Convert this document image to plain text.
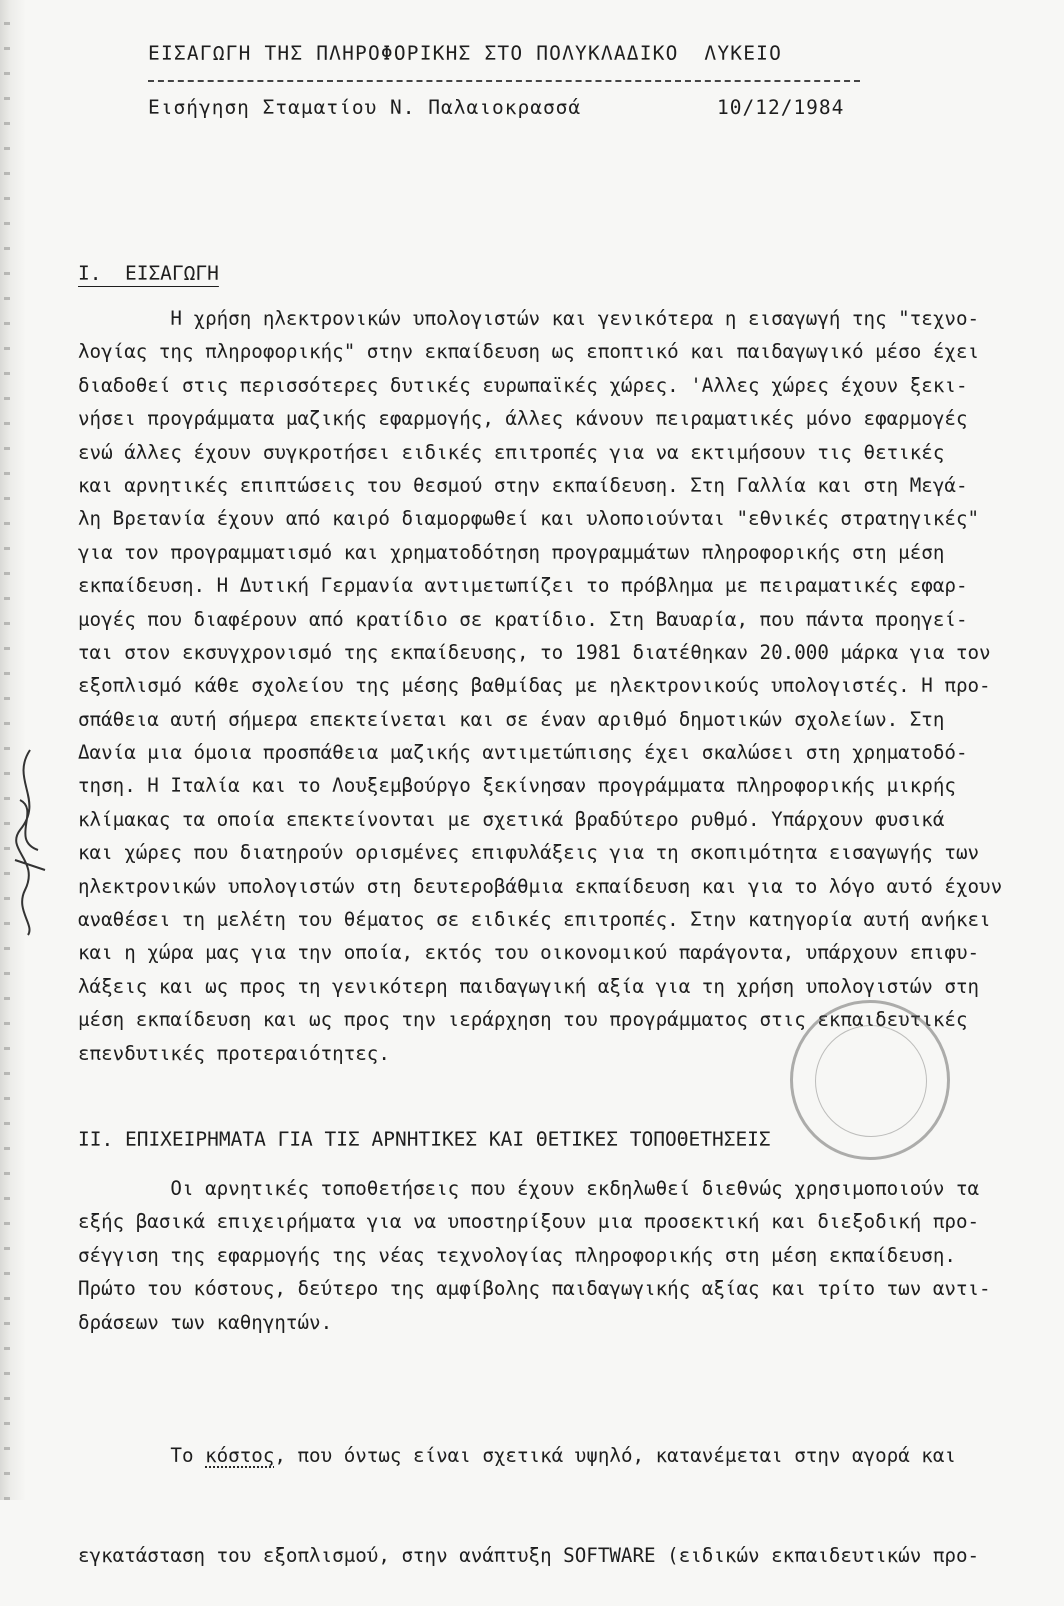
ΕΙΣΑΓΩΓΗ ΤΗΣ ΠΛΗΡΟΦΟΡΙΚΗΣ ΣΤΟ ΠΟΛΥΚΛΑΔΙΚΟ  ΛΥΚΕΙΟ
Εισήγηση Σταματίου Ν. Παλαιοκρασσά	10/12/1984
Ι.  ΕΙΣΑΓΩΓΗ
Η χρήση ηλεκτρονικών υπολογιστών και γενικότερα η εισαγωγή της "τεχνο-
λογίας της πληροφορικής" στην εκπαίδευση ως εποπτικό και παιδαγωγικό μέσο έχει
διαδοθεί στις περισσότερες δυτικές ευρωπαϊκές χώρες. 'Αλλες χώρες έχουν ξεκι-
νήσει προγράμματα μαζικής εφαρμογής, άλλες κάνουν πειραματικές μόνο εφαρμογές
ενώ άλλες έχουν συγκροτήσει ειδικές επιτροπές για να εκτιμήσουν τις θετικές
και αρνητικές επιπτώσεις του θεσμού στην εκπαίδευση. Στη Γαλλία και στη Μεγά-
λη Βρετανία έχουν από καιρό διαμορφωθεί και υλοποιούνται "εθνικές στρατηγικές"
για τον προγραμματισμό και χρηματοδότηση προγραμμάτων πληροφορικής στη μέση
εκπαίδευση. Η Δυτική Γερμανία αντιμετωπίζει το πρόβλημα με πειραματικές εφαρ-
μογές που διαφέρουν από κρατίδιο σε κρατίδιο. Στη Βαυαρία, που πάντα προηγεί-
ται στον εκσυγχρονισμό της εκπαίδευσης, το 1981 διατέθηκαν 20.000 μάρκα για τον
εξοπλισμό κάθε σχολείου της μέσης βαθμίδας με ηλεκτρονικούς υπολογιστές. Η προ-
σπάθεια αυτή σήμερα επεκτείνεται και σε έναν αριθμό δημοτικών σχολείων. Στη
Δανία μια όμοια προσπάθεια μαζικής αντιμετώπισης έχει σκαλώσει στη χρηματοδό-
τηση. Η Ιταλία και το Λουξεμβούργο ξεκίνησαν προγράμματα πληροφορικής μικρής
κλίμακας τα οποία επεκτείνονται με σχετικά βραδύτερο ρυθμό. Υπάρχουν φυσικά
και χώρες που διατηρούν ορισμένες επιφυλάξεις για τη σκοπιμότητα εισαγωγής των
ηλεκτρονικών υπολογιστών στη δευτεροβάθμια εκπαίδευση και για το λόγο αυτό έχουν
αναθέσει τη μελέτη του θέματος σε ειδικές επιτροπές. Στην κατηγορία αυτή ανήκει
και η χώρα μας για την οποία, εκτός του οικονομικού παράγοντα, υπάρχουν επιφυ-
λάξεις και ως προς τη γενικότερη παιδαγωγική αξία για τη χρήση υπολογιστών στη
μέση εκπαίδευση και ως προς την ιεράρχηση του προγράμματος στις εκπαιδευτικές
επενδυτικές προτεραιότητες.
ΙΙ. ΕΠΙΧΕΙΡΗΜΑΤΑ ΓΙΑ ΤΙΣ ΑΡΝΗΤΙΚΕΣ ΚΑΙ ΘΕΤΙΚΕΣ ΤΟΠΟΘΕΤΗΣΕΙΣ
Οι αρνητικές τοποθετήσεις που έχουν εκδηλωθεί διεθνώς χρησιμοποιούν τα
εξής βασικά επιχειρήματα για να υποστηρίξουν μια προσεκτική και διεξοδική προ-
σέγγιση της εφαρμογής της νέας τεχνολογίας πληροφορικής στη μέση εκπαίδευση.
Πρώτο του κόστους, δεύτερο της αμφίβολης παιδαγωγικής αξίας και τρίτο των αντι-
δράσεων των καθηγητών.

Το κόστος, που όντως είναι σχετικά υψηλό, κατανέμεται στην αγορά και

εγκατάσταση του εξοπλισμού, στην ανάπτυξη SOFTWARE (ειδικών εκπαιδευτικών προ-
